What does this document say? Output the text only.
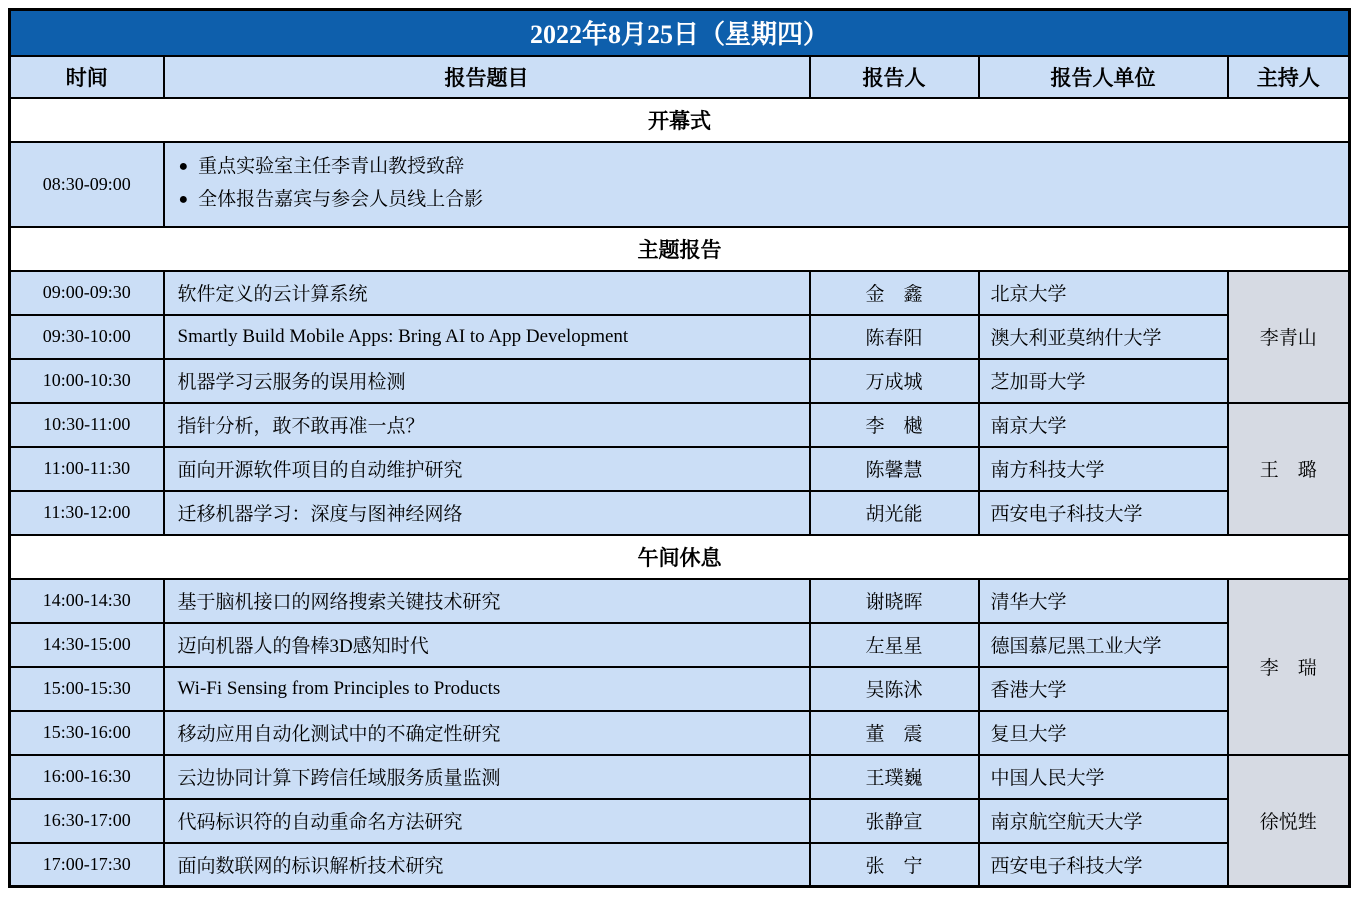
2022年8月25日（星期四）				
时间	报告题目	报告人	报告人单位	主持人
开幕式				
08:30-09:00	● 重点实验室主任李青山教授致辞
● 全体报告嘉宾与参会人员线上合影			

主题报告				
09:00-09:30	软件定义的云计算系统	金　鑫	北京大学	李青山
09:30-10:00	Smartly Build Mobile Apps: Bring AI to App Development	陈春阳	澳大利亚莫纳什大学	
10:00-10:30	机器学习云服务的误用检测	万成城	芝加哥大学	
10:30-11:00	指针分析，敢不敢再准一点？	李　樾	南京大学	王　璐
11:00-11:30	面向开源软件项目的自动维护研究	陈馨慧	南方科技大学	
11:30-12:00	迁移机器学习：深度与图神经网络	胡光能	西安电子科技大学	
午间休息				
14:00-14:30	基于脑机接口的网络搜索关键技术研究	谢晓晖	清华大学	李　瑞
14:30-15:00	迈向机器人的鲁棒3D感知时代	左星星	德国慕尼黑工业大学	
15:00-15:30	Wi-Fi Sensing from Principles to Products	吴陈沭	香港大学	
15:30-16:00	移动应用自动化测试中的不确定性研究	董　震	复旦大学	
16:00-16:30	云边协同计算下跨信任域服务质量监测	王璞巍	中国人民大学	徐悦甡
16:30-17:00	代码标识符的自动重命名方法研究	张静宣	南京航空航天大学	
17:00-17:30	面向数联网的标识解析技术研究	张　宁	西安电子科技大学	
